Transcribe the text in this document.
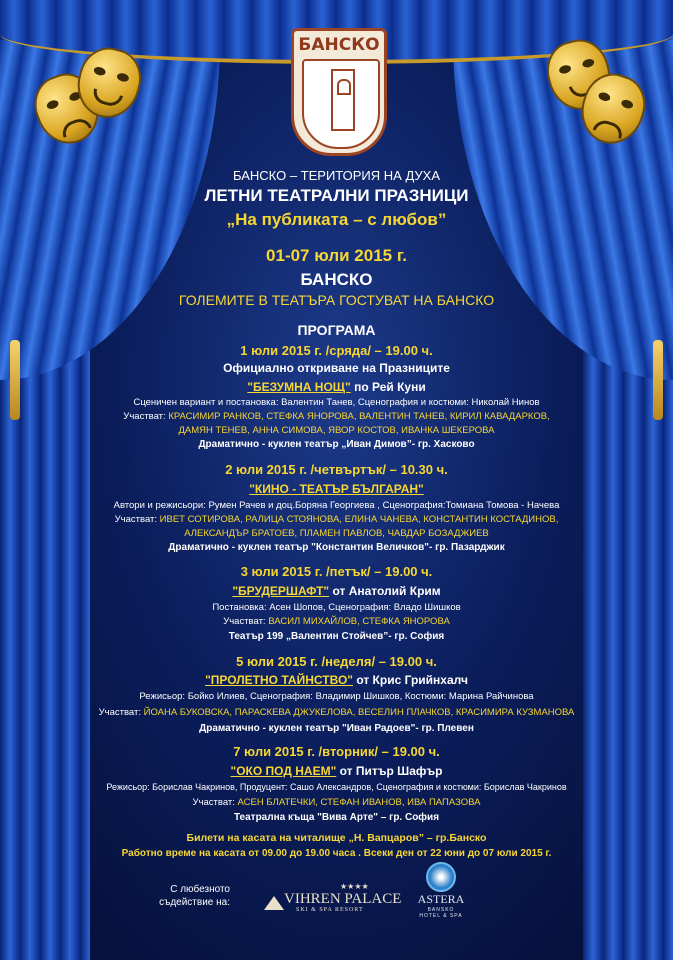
БАНСКО
БАНСКО – ТЕРИТОРИЯ НА ДУХА
ЛЕТНИ ТЕАТРАЛНИ ПРАЗНИЦИ
„На публиката – с любов”
01-07 юли 2015 г.
БАНСКО
ГОЛЕМИТЕ В ТЕАТЪРА ГОСТУВАТ НА БАНСКО
ПРОГРАМА
1 юли 2015 г. /сряда/ – 19.00 ч.
Официално откриване на Празниците
"БЕЗУМНА НОЩ" по Рей Куни
Сценичен вариант и постановка: Валентин Танев, Сценография и костюми: Николай Нинов
Участват: КРАСИМИР РАНКОВ, СТЕФКА ЯНОРОВА, ВАЛЕНТИН ТАНЕВ, КИРИЛ КАВАДАРКОВ,
ДАМЯН ТЕНЕВ, АННА СИМОВА, ЯВОР КОСТОВ, ИВАНКА ШЕКЕРОВА
Драматично - куклен театър „Иван Димов”- гр. Хасково
2 юли 2015 г. /четвъртък/ – 10.30 ч.
"КИНО - ТЕАТЪР БЪЛГАРАН"
Автори и режисьори: Румен Рачев и доц.Боряна Георгиева , Сценография:Томиана Томова - Начева
Участват: ИВЕТ СОТИРОВА, РАЛИЦА СТОЯНОВА, ЕЛИНА ЧАНЕВА, КОНСТАНТИН КОСТАДИНОВ,
АЛЕКСАНДЪР БРАТОЕВ, ПЛАМЕН ПАВЛОВ, ЧАВДАР БОЗАДЖИЕВ
Драматично - куклен театър "Константин Величков"- гр. Пазарджик
3 юли 2015 г. /петък/ – 19.00 ч.
"БРУДЕРШАФТ" от Анатолий Крим
Постановка: Асен Шопов, Сценография: Владо Шишков
Участват: ВАСИЛ МИХАЙЛОВ, СТЕФКА ЯНОРОВА
Театър 199 „Валентин Стойчев”- гр. София
5 юли 2015 г. /неделя/ – 19.00 ч.
"ПРОЛЕТНО ТАЙНСТВО" от Крис Грийнхалч
Режисьор: Бойко Илиев, Сценография: Владимир Шишков, Костюми: Марина Райчинова
Участват: ЙОАНА БУКОВСКА, ПАРАСКЕВА ДЖУКЕЛОВА, ВЕСЕЛИН ПЛАЧКОВ, КРАСИМИРА КУЗМАНОВА
Драматично - куклен театър "Иван Радоев"- гр. Плевен
7 юли 2015 г. /вторник/ – 19.00 ч.
"ОКО ПОД НАЕМ" от Питър Шафър
Режисьор: Борислав Чакринов, Продуцент: Сашо Александров, Сценография и костюми: Борислав Чакринов
Участват: АСЕН БЛАТЕЧКИ, СТЕФАН ИВАНОВ, ИВА ПАПАЗОВА
Театрална къща "Вива Арте" – гр. София
Билети на касата на читалище „Н. Вапцаров” – гр.Банско
Работно време на касата от 09.00 до 19.00 часа . Всеки ден от 22 юни до 07 юли 2015 г.
С любезното
съдействие на:
★★★★
VIHREN PALACE
SKI & SPA RESORT
ASTERA
BANSKO
HOTEL & SPA
